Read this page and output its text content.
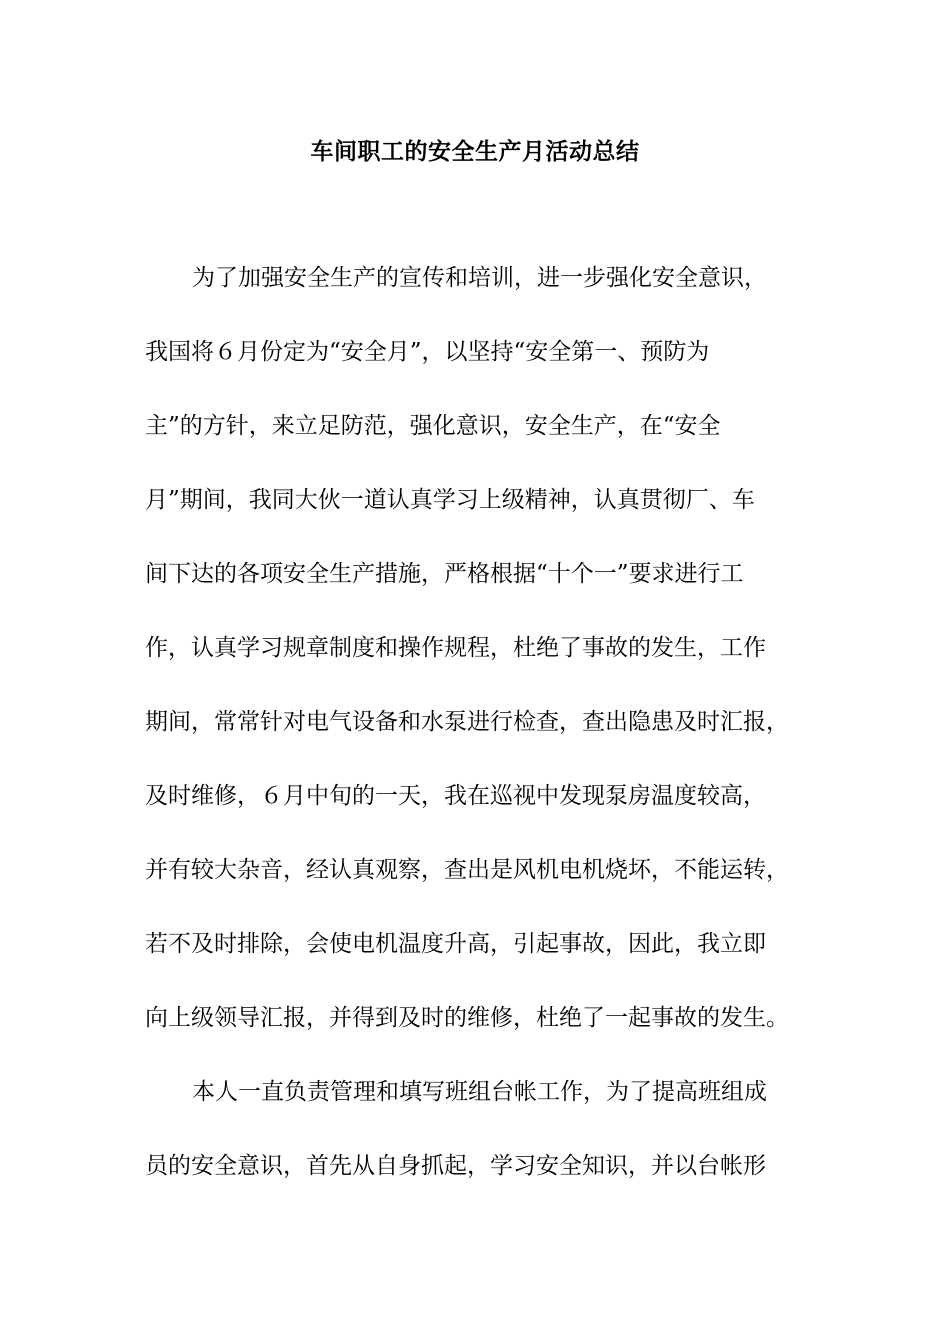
车间职工的安全生产月活动总结
为了加强安全生产的宣传和培训，进一步强化安全意识，
我国将６月份定为“安全月”，以坚持“安全第一、预防为
主”的方针，来立足防范，强化意识，安全生产，在“安全
月”期间，我同大伙一道认真学习上级精神，认真贯彻厂、车
间下达的各项安全生产措施，严格根据“十个一”要求进行工
作，认真学习规章制度和操作规程，杜绝了事故的发生，工作
期间，常常针对电气设备和水泵进行检查，查出隐患及时汇报，
及时维修，６月中旬的一天，我在巡视中发现泵房温度较高，
并有较大杂音，经认真观察，查出是风机电机烧坏，不能运转，
若不及时排除，会使电机温度升高，引起事故，因此，我立即
向上级领导汇报，并得到及时的维修，杜绝了一起事故的发生。
本人一直负责管理和填写班组台帐工作，为了提高班组成
员的安全意识，首先从自身抓起，学习安全知识，并以台帐形
